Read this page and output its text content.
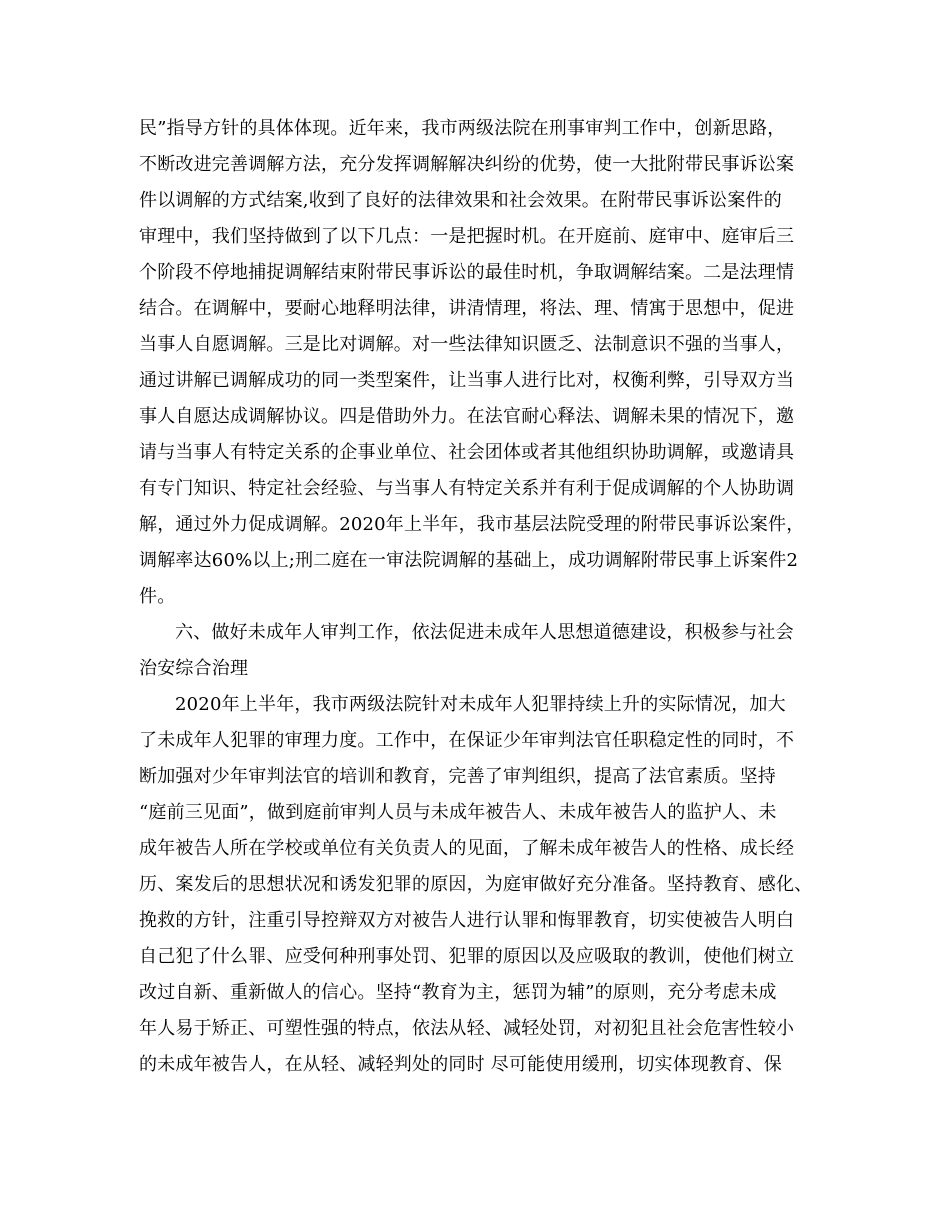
民”指导方针的具体体现。近年来，我市两级法院在刑事审判工作中，创新思路，
不断改进完善调解方法，充分发挥调解解决纠纷的优势，使一大批附带民事诉讼案
件以调解的方式结案,收到了良好的法律效果和社会效果。在附带民事诉讼案件的
审理中，我们坚持做到了以下几点：一是把握时机。在开庭前、庭审中、庭审后三
个阶段不停地捕捉调解结束附带民事诉讼的最佳时机，争取调解结案。二是法理情
结合。在调解中，要耐心地释明法律，讲清情理，将法、理、情寓于思想中，促进
当事人自愿调解。三是比对调解。对一些法律知识匮乏、法制意识不强的当事人，
通过讲解已调解成功的同一类型案件，让当事人进行比对，权衡利弊，引导双方当
事人自愿达成调解协议。四是借助外力。在法官耐心释法、调解未果的情况下，邀
请与当事人有特定关系的企事业单位、社会团体或者其他组织协助调解，或邀请具
有专门知识、特定社会经验、与当事人有特定关系并有利于促成调解的个人协助调
解，通过外力促成调解。2020年上半年，我市基层法院受理的附带民事诉讼案件，
调解率达60%以上;刑二庭在一审法院调解的基础上，成功调解附带民事上诉案件2
件。
六、做好未成年人审判工作，依法促进未成年人思想道德建设，积极参与社会
治安综合治理
2020年上半年，我市两级法院针对未成年人犯罪持续上升的实际情况，加大
了未成年人犯罪的审理力度。工作中，在保证少年审判法官任职稳定性的同时，不
断加强对少年审判法官的培训和教育，完善了审判组织，提高了法官素质。坚持
“庭前三见面”，做到庭前审判人员与未成年被告人、未成年被告人的监护人、未
成年被告人所在学校或单位有关负责人的见面，了解未成年被告人的性格、成长经
历、案发后的思想状况和诱发犯罪的原因，为庭审做好充分准备。坚持教育、感化、
挽救的方针，注重引导控辩双方对被告人进行认罪和悔罪教育，切实使被告人明白
自己犯了什么罪、应受何种刑事处罚、犯罪的原因以及应吸取的教训，使他们树立
改过自新、重新做人的信心。坚持“教育为主，惩罚为辅”的原则，充分考虑未成
年人易于矫正、可塑性强的特点，依法从轻、减轻处罚，对初犯且社会危害性较小
的未成年被告人，在从轻、减轻判处的同时 尽可能使用缓刑，切实体现教育、保
